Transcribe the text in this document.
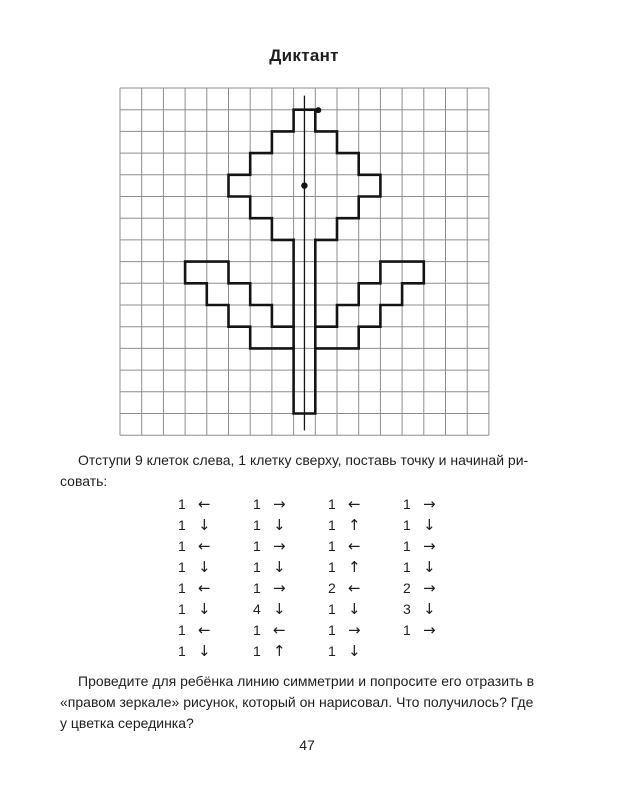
Диктант
Отступи 9 клеток слева, 1 клетку сверху, поставь точку и начинай ри-
совать:
1 ←	1 →	1 ←	1 →
1 ↓	1 ↓	1 ↑	1 ↓
1 ←	1 →	1 ←	1 →
1 ↓	1 ↓	1 ↑	1 ↓
1 ←	1 →	2 ←	2 →
1 ↓	4 ↓	1 ↓	3 ↓
1 ←	1 ←	1 →	1 →
1 ↓	1 ↑	1 ↓
Проведите для ребёнка линию симметрии и попросите его отразить в
«правом зеркале» рисунок, который он нарисовал. Что получилось? Где
у цветка серединка?
47
